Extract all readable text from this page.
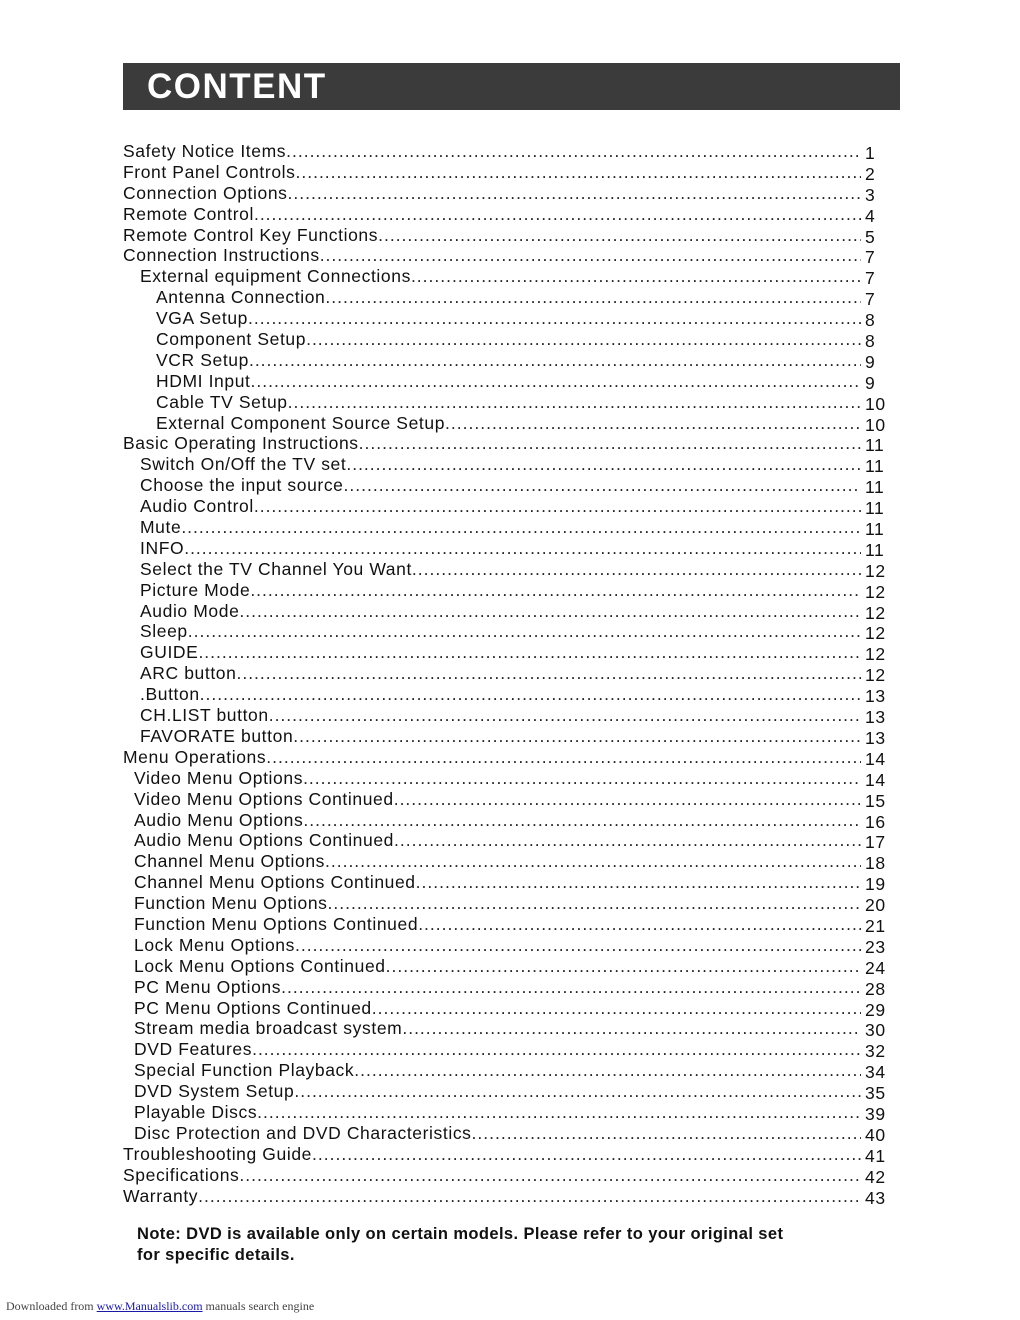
CONTENT
Safety Notice Items .....	1
Front Panel Controls .....	2
Connection Options .....	3
Remote Control .....	4
Remote Control Key Functions .....	5
Connection Instructions .....	7
External equipment Connections .....	7
Antenna Connection .....	7
VGA Setup .....	8
Component Setup .....	8
VCR Setup .....	9
HDMI Input .....	9
Cable TV Setup .....	10
External Component Source Setup .....	10
Basic Operating Instructions .....	11
Switch On/Off the TV set .....	11
Choose the input source .....	11
Audio Control .....	11
Mute .....	11
INFO .....	11
Select the TV Channel You Want .....	12
Picture Mode .....	12
Audio Mode .....	12
Sleep .....	12
GUIDE .....	12
ARC button .....	12
.Button .....	13
CH.LIST button .....	13
FAVORATE button .....	13
Menu Operations .....	14
Video Menu Options .....	14
Video Menu Options Continued .....	15
Audio Menu Options .....	16
Audio Menu Options Continued .....	17
Channel Menu Options .....	18
Channel Menu Options Continued .....	19
Function Menu Options .....	20
Function Menu Options Continued .....	21
Lock Menu Options .....	23
Lock Menu Options Continued .....	24
PC Menu Options .....	28
PC Menu Options Continued .....	29
Stream media broadcast system .....	30
DVD Features .....	32
Special Function Playback .....	34
DVD System Setup .....	35
Playable Discs .....	39
Disc Protection and DVD Characteristics .....	40
Troubleshooting Guide .....	41
Specifications .....	42
Warranty .....	43
Note: DVD is available only on certain models. Please refer to your original set
for specific details.
Downloaded from www.Manualslib.com manuals search engine
